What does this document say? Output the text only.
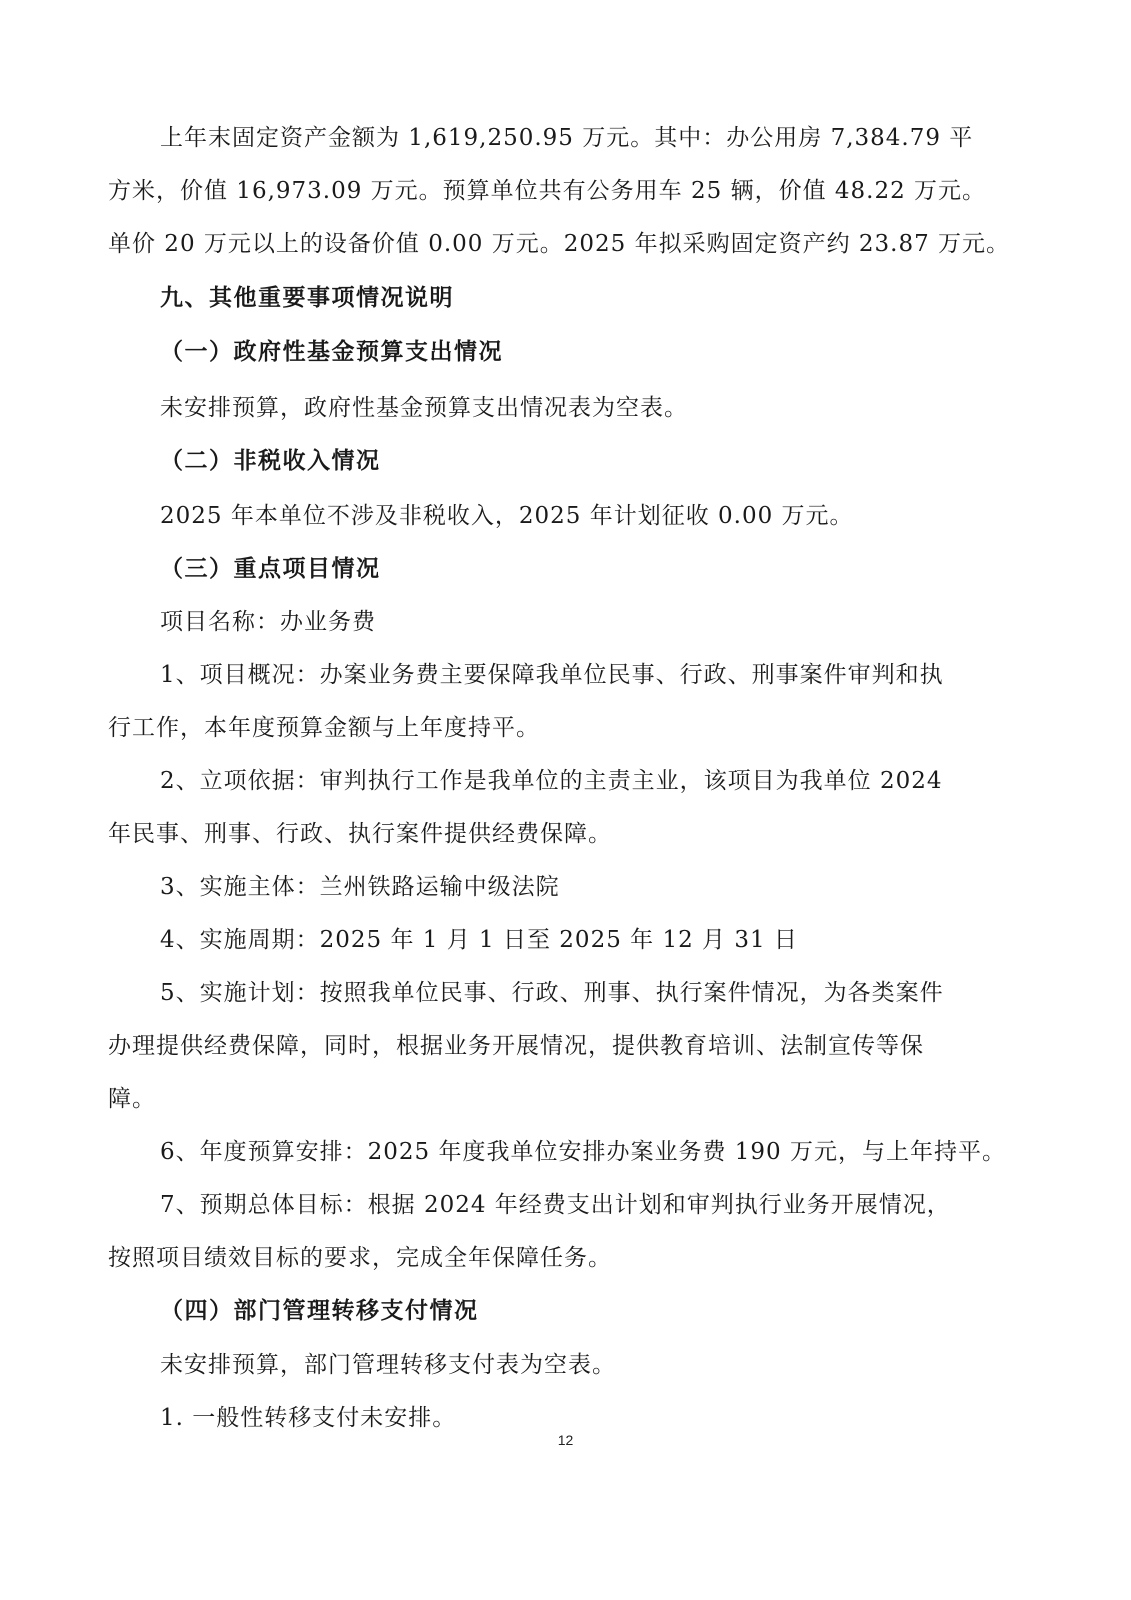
上年末固定资产金额为 1,619,250.95 万元。其中：办公用房 7,384.79 平
方米，价值 16,973.09 万元。预算单位共有公务用车 25 辆，价值 48.22 万元。
单价 20 万元以上的设备价值 0.00 万元。2025 年拟采购固定资产约 23.87 万元。
九、其他重要事项情况说明
（一）政府性基金预算支出情况
未安排预算，政府性基金预算支出情况表为空表。
（二）非税收入情况
2025 年本单位不涉及非税收入，2025 年计划征收 0.00 万元。
（三）重点项目情况
项目名称：办业务费
1、项目概况：办案业务费主要保障我单位民事、行政、刑事案件审判和执
行工作，本年度预算金额与上年度持平。
2、立项依据：审判执行工作是我单位的主责主业，该项目为我单位 2024
年民事、刑事、行政、执行案件提供经费保障。
3、实施主体：兰州铁路运输中级法院
4、实施周期：2025 年 1 月 1 日至 2025 年 12 月 31 日
5、实施计划：按照我单位民事、行政、刑事、执行案件情况，为各类案件
办理提供经费保障，同时，根据业务开展情况，提供教育培训、法制宣传等保
障。
6、年度预算安排：2025 年度我单位安排办案业务费 190 万元，与上年持平。
7、预期总体目标：根据 2024 年经费支出计划和审判执行业务开展情况，
按照项目绩效目标的要求，完成全年保障任务。
（四）部门管理转移支付情况
未安排预算，部门管理转移支付表为空表。
1. 一般性转移支付未安排。
12
